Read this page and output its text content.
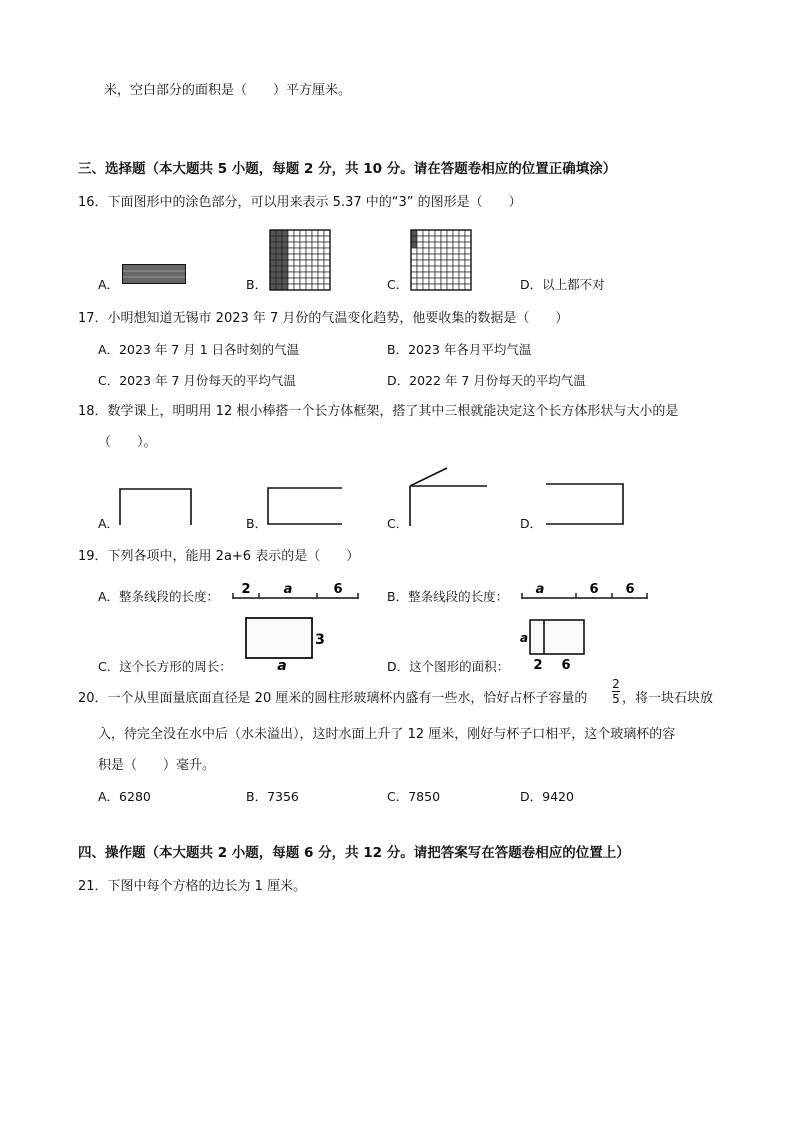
米，空白部分的面积是（　　）平方厘米。
三、选择题（本大题共 5 小题，每题 2 分，共 10 分。请在答题卷相应的位置正确填涂）
16．下面图形中的涂色部分，可以用来表示 5.37 中的“3” 的图形是（　　）
A．	B．	C．	D．以上都不对
17．小明想知道无锡市 2023 年 7 月份的气温变化趋势，他要收集的数据是（　　）
A．2023 年 7 月 1 日各时刻的气温	B．2023 年各月平均气温
C．2023 年 7 月份每天的平均气温	D．2022 年 7 月份每天的平均气温
18．数学课上，明明用 12 根小棒搭一个长方体框架，搭了其中三根就能决定这个长方体形状与大小的是
（　　）。
A．	B．	C．	D．
19．下列各项中，能用 2a+6 表示的是（　　）
A．整条线段的长度：	B．整条线段的长度：
C．这个长方形的周长：	D．这个图形的面积：
2	a	6	a	6 6
3
a
a
2 6
20．一个从里面量底面直径是 20 厘米的圆柱形玻璃杯内盛有一些水，恰好占杯子容量的
2
5 ，将一块石块放
入，待完全没在水中后（水未溢出），这时水面上升了 12 厘米，刚好与杯子口相平，这个玻璃杯的容
积是（　　）毫升。
A．6280	B．7356	C．7850	D．9420
四、操作题（本大题共 2 小题，每题 6 分，共 12 分。请把答案写在答题卷相应的位置上）
21．下图中每个方格的边长为 1 厘米。
